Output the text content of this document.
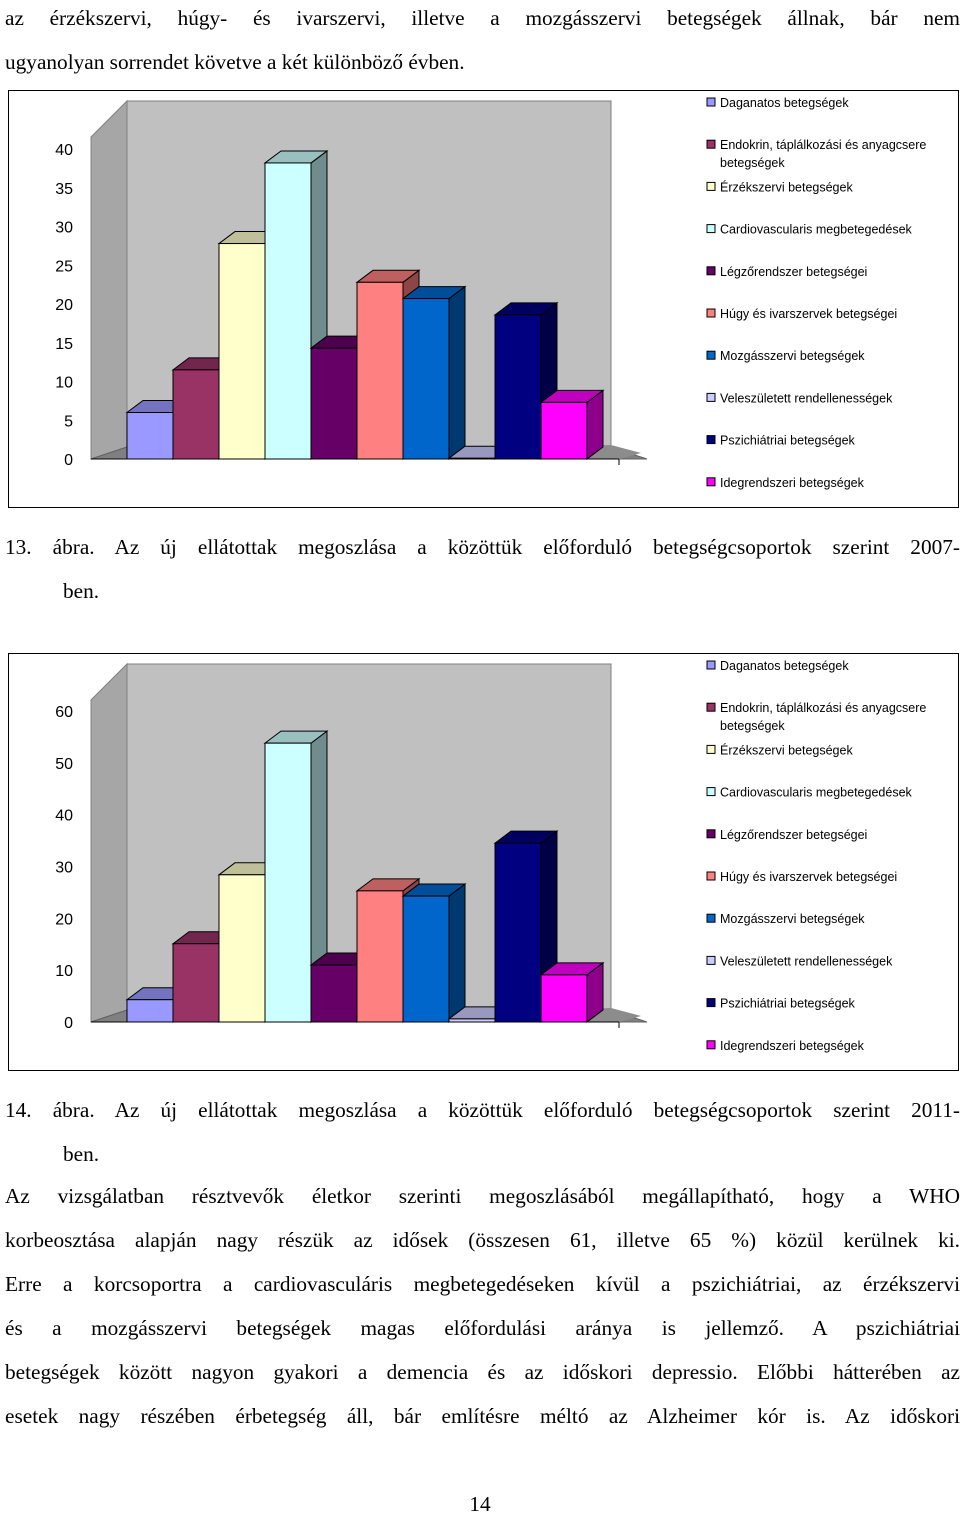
az érzékszervi, húgy- és ivarszervi, illetve a mozgásszervi betegségek állnak, bár nem
ugyanolyan sorrendet követve a két különböző évben.
0
5
10
15
20
25
30
35
40
Daganatos betegségek
Endokrin, táplálkozási és anyagcsere
betegségek
Érzékszervi betegségek
Cardiovascularis megbetegedések
Légzőrendszer betegségei
Húgy és ivarszervek betegségei
Mozgásszervi betegségek
Veleszületett rendellenességek
Pszichiátriai betegségek
Idegrendszeri betegségek
13. ábra. Az új ellátottak megoszlása a közöttük előforduló betegségcsoportok szerint 2007-
ben.
0
10
20
30
40
50
60
Daganatos betegségek
Endokrin, táplálkozási és anyagcsere
betegségek
Érzékszervi betegségek
Cardiovascularis megbetegedések
Légzőrendszer betegségei
Húgy és ivarszervek betegségei
Mozgásszervi betegségek
Veleszületett rendellenességek
Pszichiátriai betegségek
Idegrendszeri betegségek
14. ábra. Az új ellátottak megoszlása a közöttük előforduló betegségcsoportok szerint 2011-
ben.
Az vizsgálatban résztvevők életkor szerinti megoszlásából megállapítható, hogy a WHO
korbeosztása alapján nagy részük az idősek (összesen 61, illetve 65 %) közül kerülnek ki.
Erre a korcsoportra a cardiovasculáris megbetegedéseken kívül a pszichiátriai, az érzékszervi
és a mozgásszervi betegségek magas előfordulási aránya is jellemző. A pszichiátriai
betegségek között nagyon gyakori a demencia és az időskori depressio. Előbbi hátterében az
esetek nagy részében érbetegség áll, bár említésre méltó az Alzheimer kór is. Az időskori
14
